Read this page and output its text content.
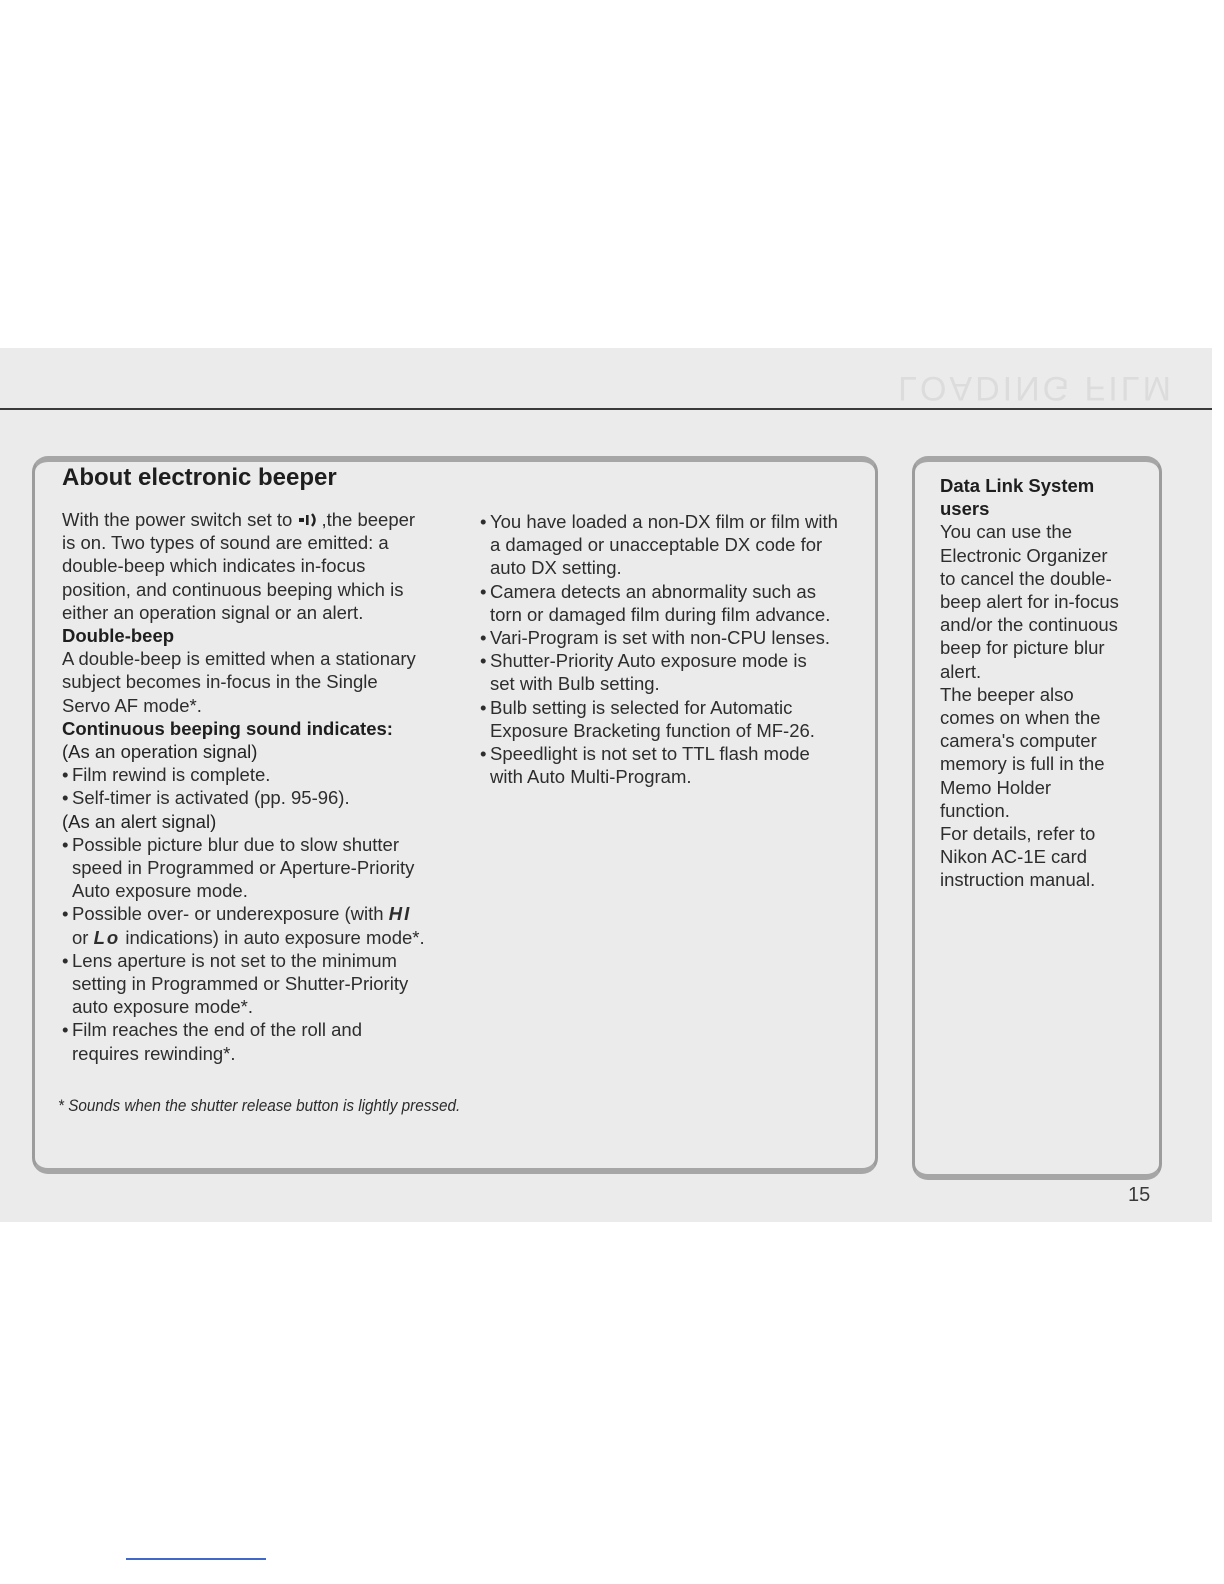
LOADING FILM
About electronic beeper
With the power switch set to ,the beeper
is on. Two types of sound are emitted: a
double-beep which indicates in-focus
position, and continuous beeping which is
either an operation signal or an alert.
Double-beep
A double-beep is emitted when a stationary
subject becomes in-focus in the Single
Servo AF mode*.
Continuous beeping sound indicates:
(As an operation signal)
• Film rewind is complete.
• Self-timer is activated (pp. 95-96).
(As an alert signal)
• Possible picture blur due to slow shutter
speed in Programmed or Aperture-Priority
Auto exposure mode.
• Possible over- or underexposure (with HI
or Lo indications) in auto exposure mode*.
• Lens aperture is not set to the minimum
setting in Programmed or Shutter-Priority
auto exposure mode*.
• Film reaches the end of the roll and
requires rewinding*.
• You have loaded a non-DX film or film with
a damaged or unacceptable DX code for
auto DX setting.
• Camera detects an abnormality such as
torn or damaged film during film advance.
• Vari-Program is set with non-CPU lenses.
• Shutter-Priority Auto exposure mode is
set with Bulb setting.
• Bulb setting is selected for Automatic
Exposure Bracketing function of MF-26.
• Speedlight is not set to TTL flash mode
with Auto Multi-Program.
* Sounds when the shutter release button is lightly pressed.
Data Link System
users
You can use the
Electronic Organizer
to cancel the double-
beep alert for in-focus
and/or the continuous
beep for picture blur
alert.
The beeper also
comes on when the
camera's computer
memory is full in the
Memo Holder
function.
For details, refer to
Nikon AC-1E card
instruction manual.
15
